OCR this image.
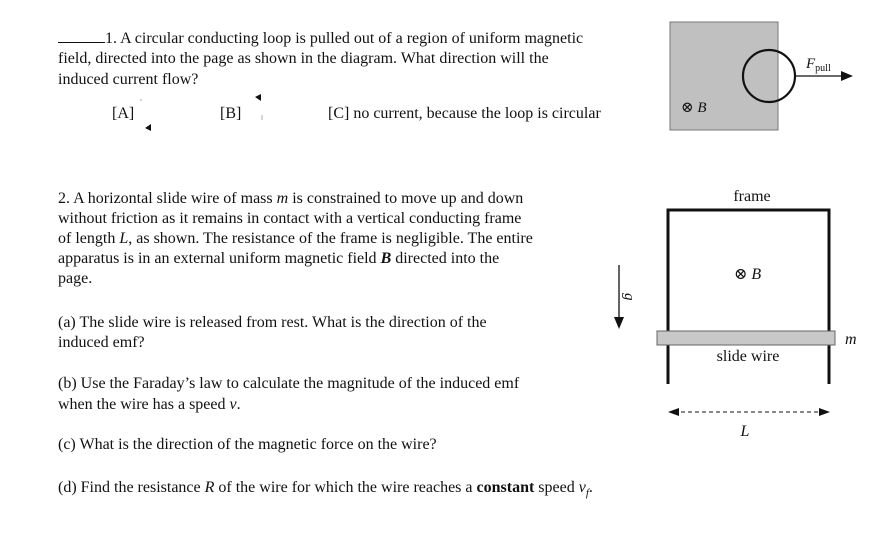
1. A circular conducting loop is pulled out of a region of uniform magnetic
field, directed into the page as shown in the diagram. What direction will the
induced current flow?
[A]	[B]	[C] no current, because the loop is circular	⊗ B
$F_{pull}$
2. A horizontal slide wire of mass m is constrained to move up and down
without friction as it remains in contact with a vertical conducting frame
of length L, as shown. The resistance of the frame is negligible. The entire
apparatus is in an external uniform magnetic field B directed into the
page.
(a) The slide wire is released from rest. What is the direction of the
induced emf?
(b) Use the Faraday’s law to calculate the magnitude of the induced emf
when the wire has a speed v.
(c) What is the direction of the magnetic force on the wire?
(d) Find the resistance R of the wire for which the wire reaches a constant speed $v_f$.
g
frame
⊗ B
m
slide wire
L
